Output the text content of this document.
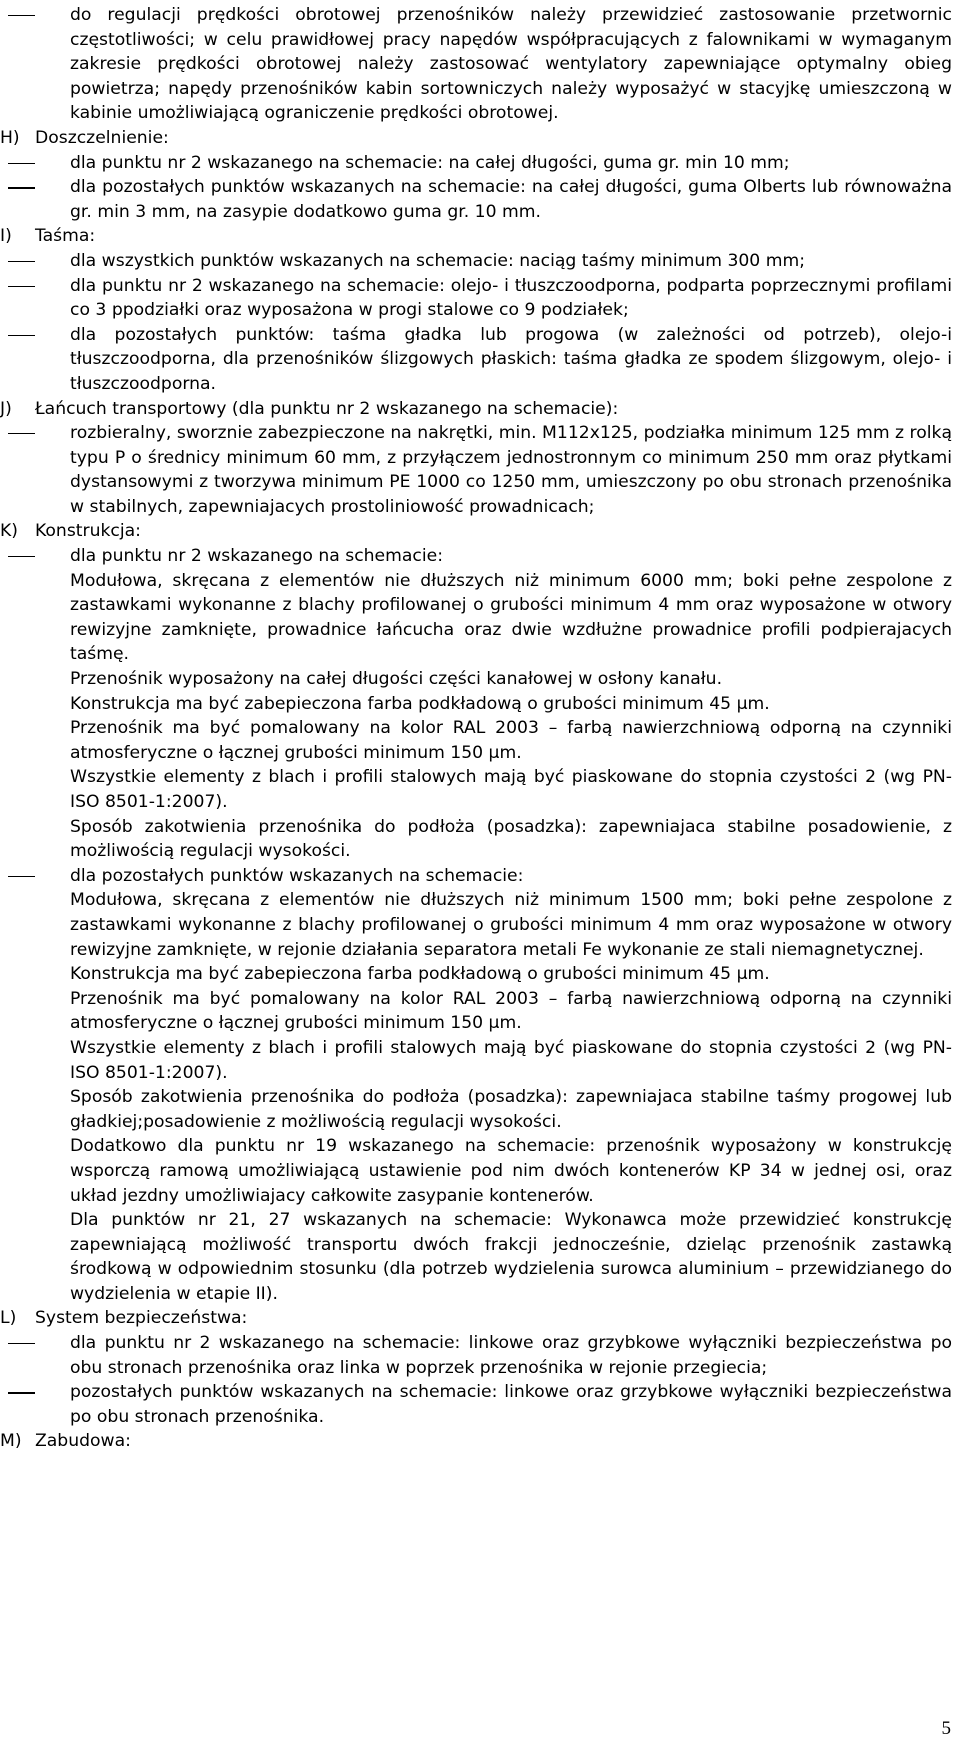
do regulacji prędkości obrotowej przenośników należy przewidzieć zastosowanie przetwornic częstotliwości; w celu prawidłowej pracy napędów współpracujących z falownikami w wymaganym zakresie prędkości obrotowej należy zastosować wentylatory zapewniające optymalny obieg powietrza; napędy przenośników kabin sortowniczych należy wyposażyć w stacyjkę umieszczoną w kabinie umożliwiającą ograniczenie prędkości obrotowej.
H) Doszczelnienie:
dla punktu nr 2 wskazanego na schemacie: na całej długości, guma gr. min 10 mm;
dla pozostałych punktów wskazanych na schemacie: na całej długości, guma Olberts lub równoważna gr. min 3 mm, na zasypie dodatkowo guma gr. 10 mm.
I) Taśma:
dla wszystkich punktów wskazanych na schemacie: naciąg taśmy minimum 300 mm;
dla punktu nr 2 wskazanego na schemacie: olejo- i tłuszczoodporna, podparta poprzecznymi profilami co 3 ppodziałki oraz wyposażona w progi stalowe co 9 podziałek;
dla pozostałych punktów: taśma gładka lub progowa (w zależności od potrzeb), olejo-i tłuszczoodporna, dla przenośników ślizgowych płaskich: taśma gładka ze spodem ślizgowym, olejo- i tłuszczoodporna.
J) Łańcuch transportowy (dla punktu nr 2 wskazanego na schemacie):
rozbieralny, sworznie zabezpieczone na nakrętki, min. M112x125, podziałka minimum 125 mm z rolką typu P o średnicy minimum 60 mm, z przyłączem jednostronnym co minimum 250 mm oraz płytkami dystansowymi z tworzywa minimum PE 1000 co 1250 mm, umieszczony po obu stronach przenośnika w stabilnych, zapewniajacych prostoliniowość prowadnicach;
K) Konstrukcja:
dla punktu nr 2 wskazanego na schemacie:
Modułowa, skręcana z elementów nie dłuższych niż minimum 6000 mm; boki pełne zespolone z zastawkami wykonanne z blachy profilowanej o grubości minimum 4 mm oraz wyposażone w otwory rewizyjne zamknięte, prowadnice łańcucha oraz dwie wzdłużne prowadnice profili podpierajacych taśmę.
Przenośnik wyposażony na całej długości części kanałowej w osłony kanału.
Konstrukcja ma być zabepieczona farba podkładową o grubości minimum 45 μm.
Przenośnik ma być pomalowany na kolor RAL 2003 – farbą nawierzchniową odporną na czynniki atmosferyczne o łącznej grubości minimum 150 μm.
Wszystkie elementy z blach i profili stalowych mają być piaskowane do stopnia czystości 2 (wg PN-ISO 8501-1:2007).
Sposób zakotwienia przenośnika do podłoża (posadzka): zapewniajaca stabilne posadowienie, z możliwością regulacji wysokości.
dla pozostałych punktów wskazanych na schemacie:
Modułowa, skręcana z elementów nie dłuższych niż minimum 1500 mm; boki pełne zespolone z zastawkami wykonanne z blachy profilowanej o grubości minimum 4 mm oraz wyposażone w otwory rewizyjne zamknięte, w rejonie działania separatora metali Fe wykonanie ze stali niemagnetycznej.
Konstrukcja ma być zabepieczona farba podkładową o grubości minimum 45 μm.
Przenośnik ma być pomalowany na kolor RAL 2003 – farbą nawierzchniową odporną na czynniki atmosferyczne o łącznej grubości minimum 150 μm.
Wszystkie elementy z blach i profili stalowych mają być piaskowane do stopnia czystości 2 (wg PN-ISO 8501-1:2007).
Sposób zakotwienia przenośnika do podłoża (posadzka): zapewniajaca stabilne taśmy progowej lub gładkiej;posadowienie z możliwością regulacji wysokości.
Dodatkowo dla punktu nr 19 wskazanego na schemacie: przenośnik wyposażony w konstrukcję wsporczą ramową umożliwiającą ustawienie pod nim dwóch kontenerów KP 34 w jednej osi, oraz układ jezdny umożliwiajacy całkowite zasypanie kontenerów.
Dla punktów nr 21, 27 wskazanych na schemacie: Wykonawca może przewidzieć konstrukcję zapewniającą możliwość transportu dwóch frakcji jednocześnie, dzieląc przenośnik zastawką środkową w odpowiednim stosunku (dla potrzeb wydzielenia surowca aluminium – przewidzianego do wydzielenia w etapie II).
L) System bezpieczeństwa:
dla punktu nr 2 wskazanego na schemacie: linkowe oraz grzybkowe wyłączniki bezpieczeństwa po obu stronach przenośnika oraz linka w poprzek przenośnika w rejonie przegiecia;
pozostałych punktów wskazanych na schemacie: linkowe oraz grzybkowe wyłączniki bezpieczeństwa po obu stronach przenośnika.
M) Zabudowa:
5
